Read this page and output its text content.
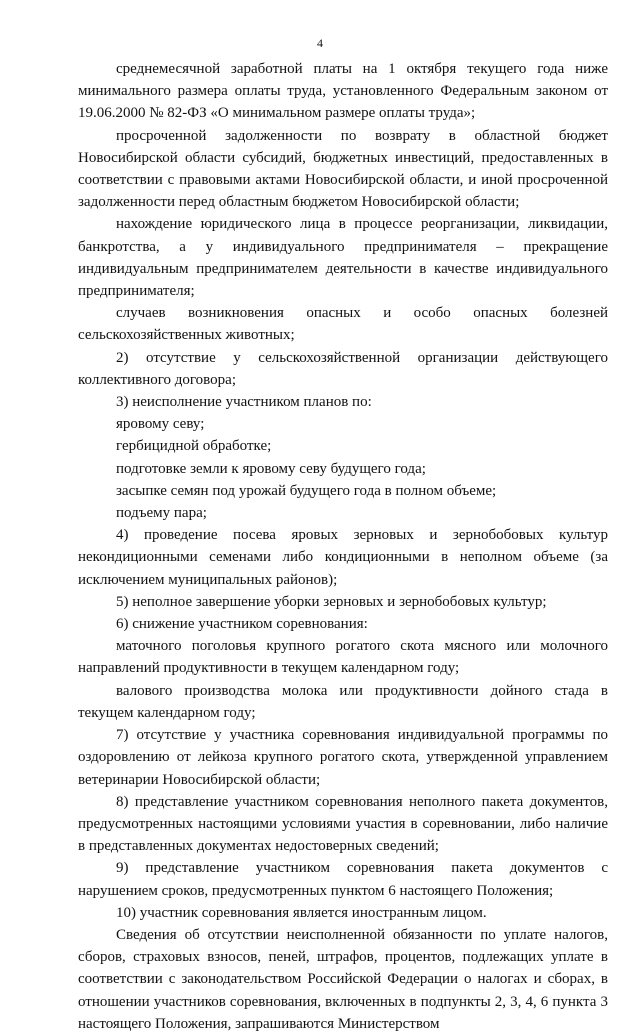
4

среднемесячной заработной платы на 1 октября текущего года ниже минимального размера оплаты труда, установленного Федеральным законом от 19.06.2000 № 82-ФЗ «О минимальном размере оплаты труда»;

просроченной задолженности по возврату в областной бюджет Новосибирской области субсидий, бюджетных инвестиций, предоставленных в соответствии с правовыми актами Новосибирской области, и иной просроченной задолженности перед областным бюджетом Новосибирской области;

нахождение юридического лица в процессе реорганизации, ликвидации, банкротства, а у индивидуального предпринимателя – прекращение индивидуальным предпринимателем деятельности в качестве индивидуального предпринимателя;

случаев возникновения опасных и особо опасных болезней сельскохозяйственных животных;

2) отсутствие у сельскохозяйственной организации действующего коллективного договора;

3) неисполнение участником планов по:

яровому севу;

гербицидной обработке;

подготовке земли к яровому севу будущего года;

засыпке семян под урожай будущего года в полном объеме;

подъему пара;

4) проведение посева яровых зерновых и зернобобовых культур некондиционными семенами либо кондиционными в неполном объеме (за исключением муниципальных районов);

5) неполное завершение уборки зерновых и зернобобовых культур;

6) снижение участником соревнования:

маточного поголовья крупного рогатого скота мясного или молочного направлений продуктивности в текущем календарном году;

валового производства молока или продуктивности дойного стада в текущем календарном году;

7) отсутствие у участника соревнования индивидуальной программы по оздоровлению от лейкоза крупного рогатого скота, утвержденной управлением ветеринарии Новосибирской области;

8) представление участником соревнования неполного пакета документов, предусмотренных настоящими условиями участия в соревновании, либо наличие в представленных документах недостоверных сведений;

9) представление участником соревнования пакета документов с нарушением сроков, предусмотренных пунктом 6 настоящего Положения;

10) участник соревнования является иностранным лицом.

Сведения об отсутствии неисполненной обязанности по уплате налогов, сборов, страховых взносов, пеней, штрафов, процентов, подлежащих уплате в соответствии с законодательством Российской Федерации о налогах и сборах, в отношении участников соревнования, включенных в подпункты 2, 3, 4, 6 пункта 3 настоящего Положения, запрашиваются Министерством
